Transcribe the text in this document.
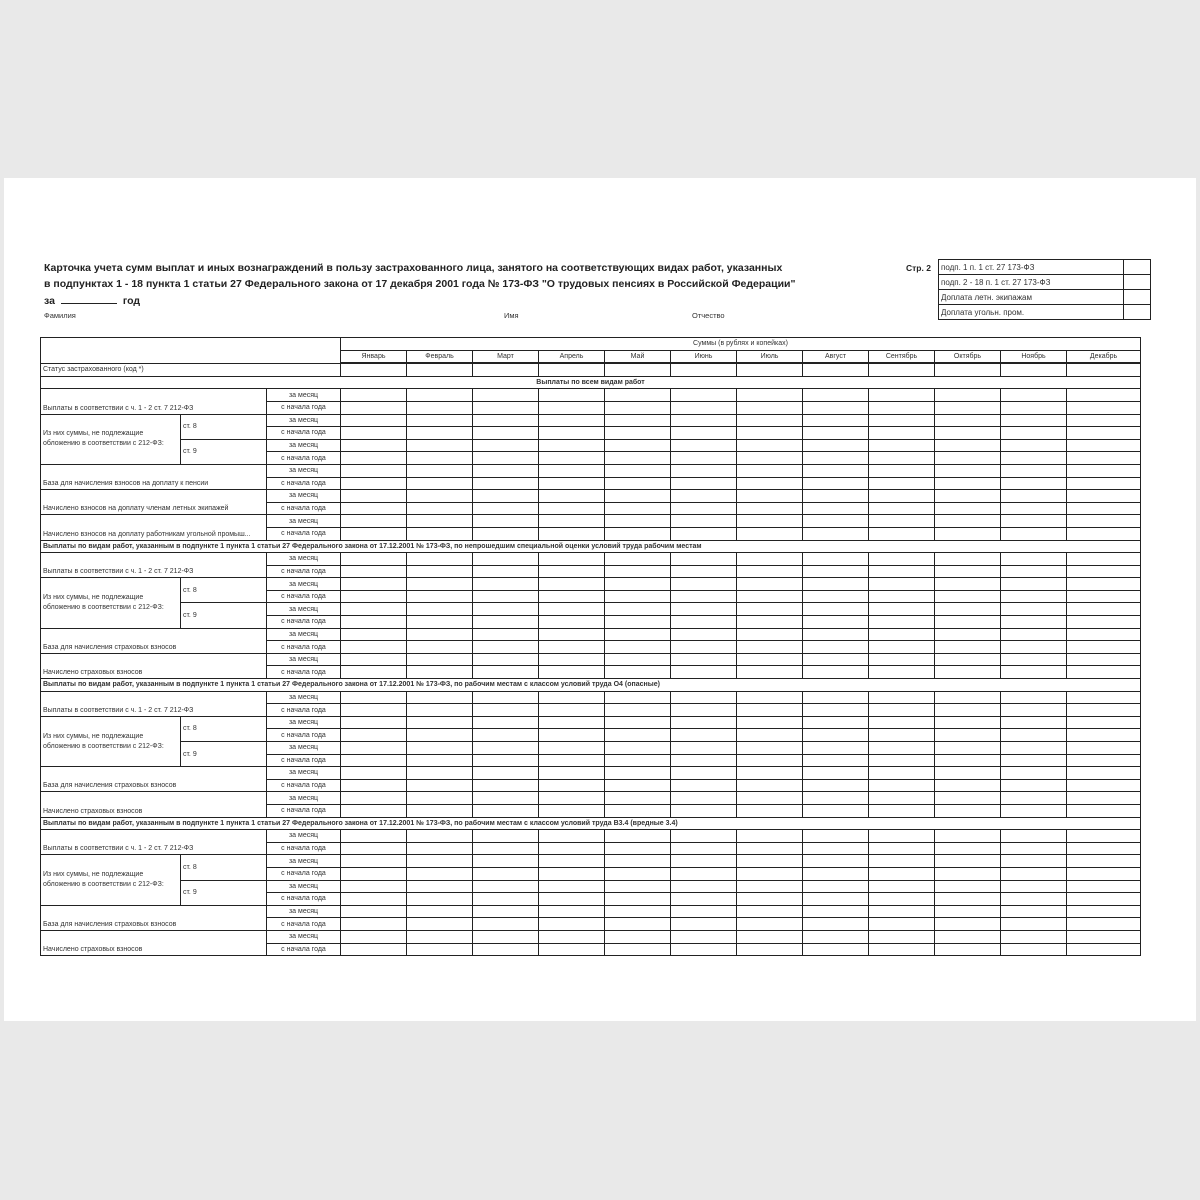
Карточка учета сумм выплат и иных вознаграждений в пользу застрахованного лица, занятого на соответствующих видах работ, указанных
в подпунктах 1 - 18 пункта 1 статьи 27 Федерального закона от 17 декабря 2001 года № 173-ФЗ "О трудовых пенсиях в Российской Федерации"
за	год
Фамилия	Имя	Отчество
Стр. 2 подп. 1 п. 1 ст. 27 173-ФЗ	
подп. 2 - 18 п. 1 ст. 27 173-ФЗ	
Доплата летн. экипажам	
Доплата угольн. пром.	
			Суммы (в рублях и копейках)											
			Январь	Февраль	Март	Апрель	Май	Июнь	Июль	Август	Сентябрь	Октябрь	Ноябрь	Декабрь
Статус застрахованного (код *)														
Выплаты по всем видам работ														
Выплаты в соответствии с ч. 1 - 2 ст. 7 212-ФЗ		за месяц												
		с начала года												
Из них суммы, не подлежащие обложению в соответствии с 212-ФЗ:	ст. 8	за месяц												
		с начала года												
	ст. 9	за месяц												
		с начала года												
База для начисления взносов на доплату к пенсии		за месяц												
		с начала года												
Начислено взносов на доплату членам летных экипажей		за месяц												
		с начала года												
Начислено взносов на доплату работникам угольной промыш...		за месяц												
		с начала года												
Выплаты по видам работ, указанным в подпункте 1 пункта 1 статьи 27 Федерального закона от 17.12.2001 № 173-ФЗ, по непрошедшим специальной оценки условий труда рабочим местам														
Выплаты в соответствии с ч. 1 - 2 ст. 7 212-ФЗ		за месяц												
		с начала года												
Из них суммы, не подлежащие обложению в соответствии с 212-ФЗ:	ст. 8	за месяц												
		с начала года												
	ст. 9	за месяц												
		с начала года												
База для начисления страховых взносов		за месяц												
		с начала года												
Начислено страховых взносов		за месяц												
		с начала года												
Выплаты по видам работ, указанным в подпункте 1 пункта 1 статьи 27 Федерального закона от 17.12.2001 № 173-ФЗ, по рабочим местам с классом условий труда О4 (опасные)														
Выплаты в соответствии с ч. 1 - 2 ст. 7 212-ФЗ		за месяц												
		с начала года												
Из них суммы, не подлежащие обложению в соответствии с 212-ФЗ:	ст. 8	за месяц												
		с начала года												
	ст. 9	за месяц												
		с начала года												
База для начисления страховых взносов		за месяц												
		с начала года												
Начислено страховых взносов		за месяц												
		с начала года												
Выплаты по видам работ, указанным в подпункте 1 пункта 1 статьи 27 Федерального закона от 17.12.2001 № 173-ФЗ, по рабочим местам с классом условий труда В3.4 (вредные 3.4)														
Выплаты в соответствии с ч. 1 - 2 ст. 7 212-ФЗ		за месяц												
		с начала года												
Из них суммы, не подлежащие обложению в соответствии с 212-ФЗ:	ст. 8	за месяц												
		с начала года												
	ст. 9	за месяц												
		с начала года												
База для начисления страховых взносов		за месяц												
		с начала года												
Начислено страховых взносов		за месяц												
		с начала года												
